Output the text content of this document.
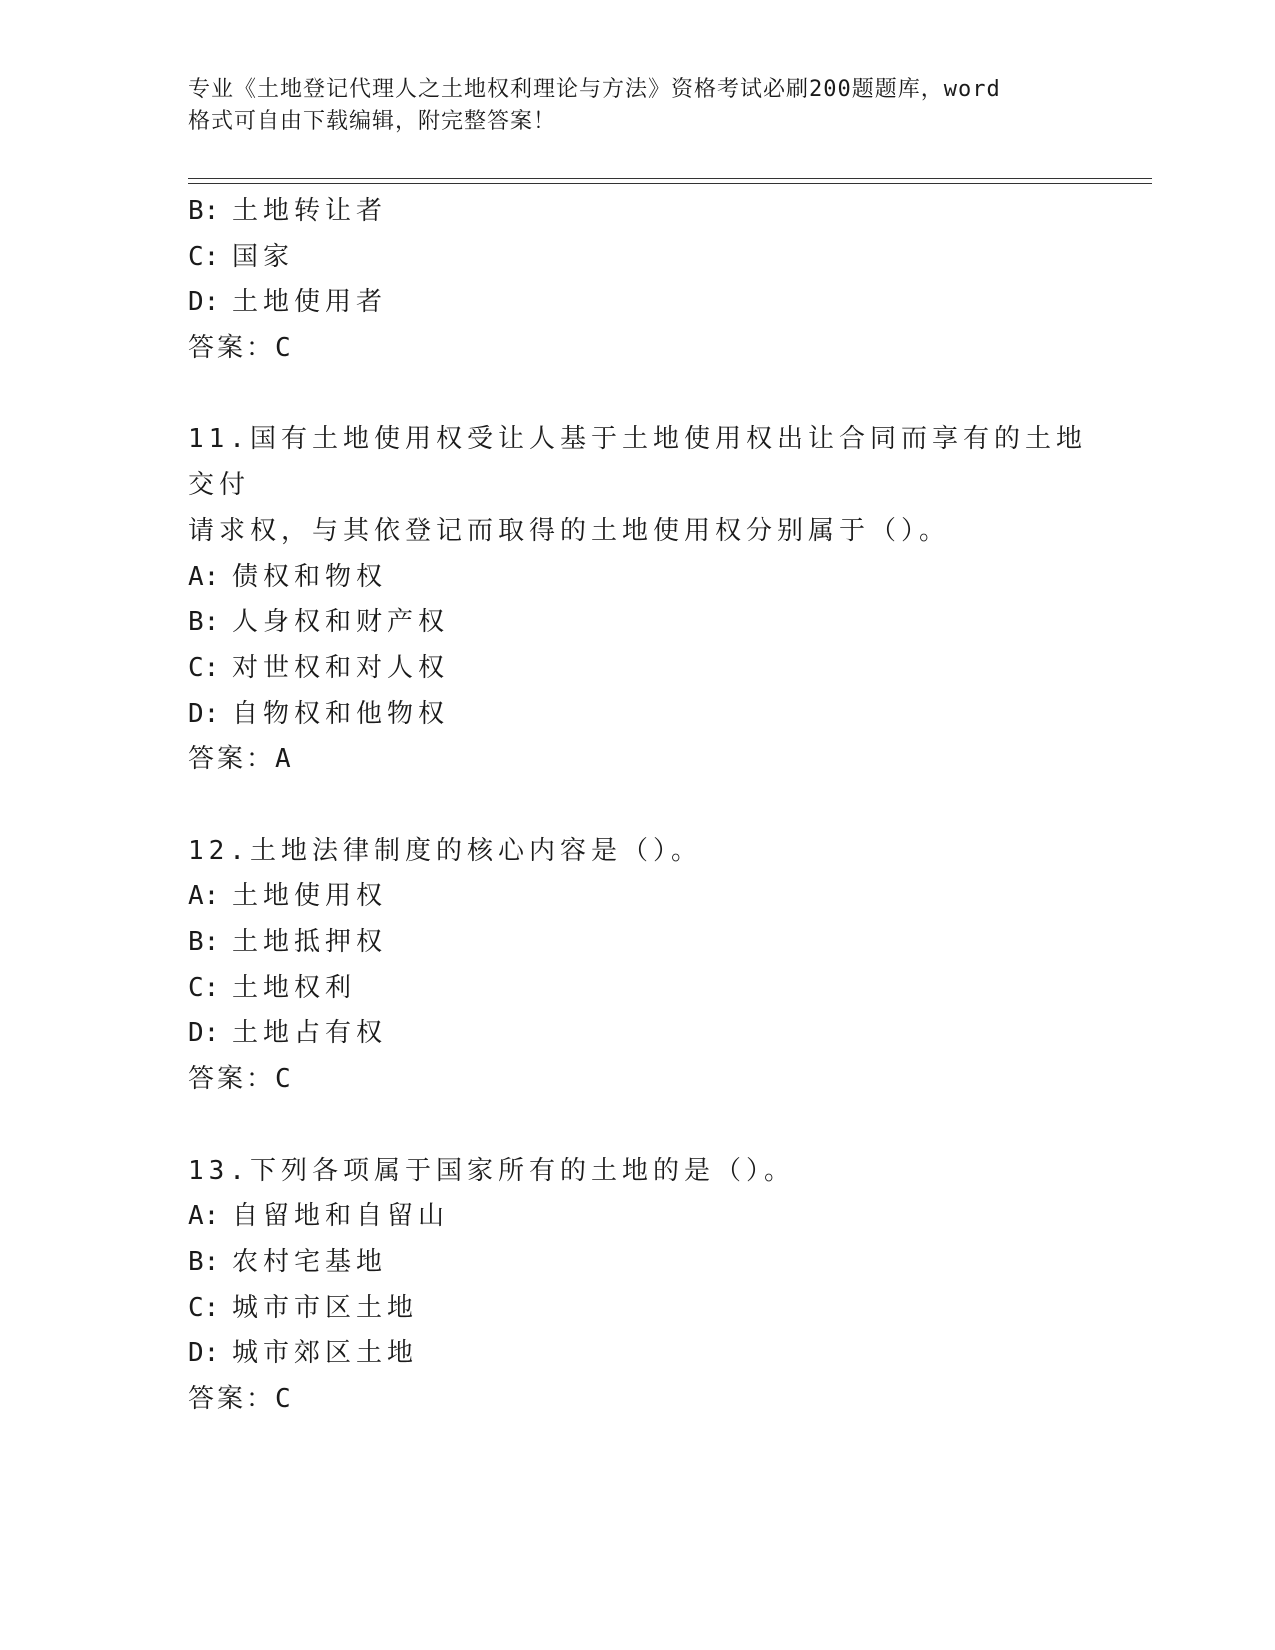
专业《土地登记代理人之土地权利理论与方法》资格考试必刷200题题库，word
格式可自由下载编辑，附完整答案！
B: 土地转让者
C: 国家
D: 土地使用者
答案：C
11.国有土地使用权受让人基于土地使用权出让合同而享有的土地交付
请求权，与其依登记而取得的土地使用权分别属于（）。
A: 债权和物权
B: 人身权和财产权
C: 对世权和对人权
D: 自物权和他物权
答案：A
12.土地法律制度的核心内容是（）。
A: 土地使用权
B: 土地抵押权
C: 土地权利
D: 土地占有权
答案：C
13.下列各项属于国家所有的土地的是（）。
A: 自留地和自留山
B: 农村宅基地
C: 城市市区土地
D: 城市郊区土地
答案：C
